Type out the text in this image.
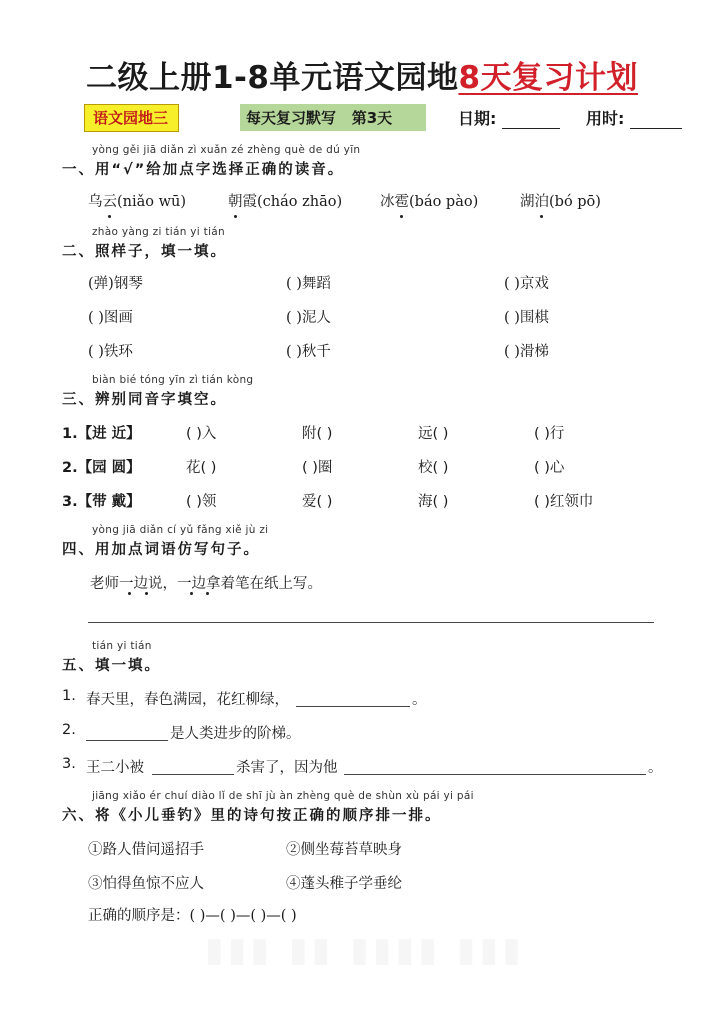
二级上册1-8单元语文园地8天复习计划
语文园地三	每天复习默写 第3天	日期:	用时:
yòng gěi jiā diǎn zì xuǎn zé zhèng què de dú yīn
一、用“√”给加点字选择正确的读音。
乌云(niǎo wū)	朝霞(cháo zhāo)	冰雹(báo pào)	湖泊(bó pō)
zhào yàng zi tián yi tián
二、照样子，填一填。
(弹)钢琴	( )舞蹈	( )京戏
( )图画	( )泥人	( )围棋
( )铁环	( )秋千	( )滑梯
biàn bié tóng yīn zì tián kòng
三、辨别同音字填空。
1.【进 近】	( )入	附( )	远( )	( )行
2.【园 圆】	花( )	( )圈	校( )	( )心
3.【带 戴】	( )领	爱( )	海( )	( )红领巾
yòng jiā diǎn cí yǔ fǎng xiě jù zi
四、用加点词语仿写句子。
老师一边说，一边拿着笔在纸上写。
tián yi tián
五、填一填。
1. 春天里，春色满园，花红柳绿，	。
2.	是人类进步的阶梯。
3. 王二小被	杀害了，因为他	。
jiāng xiǎo ér chuí diào lǐ de shī jù àn zhèng què de shùn xù pái yi pái
六、将《小儿垂钓》里的诗句按正确的顺序排一排。
①路人借问遥招手	②侧坐莓苔草映身
③怕得鱼惊不应人	④蓬头稚子学垂纶
正确的顺序是：( )—( )—( )—( )
